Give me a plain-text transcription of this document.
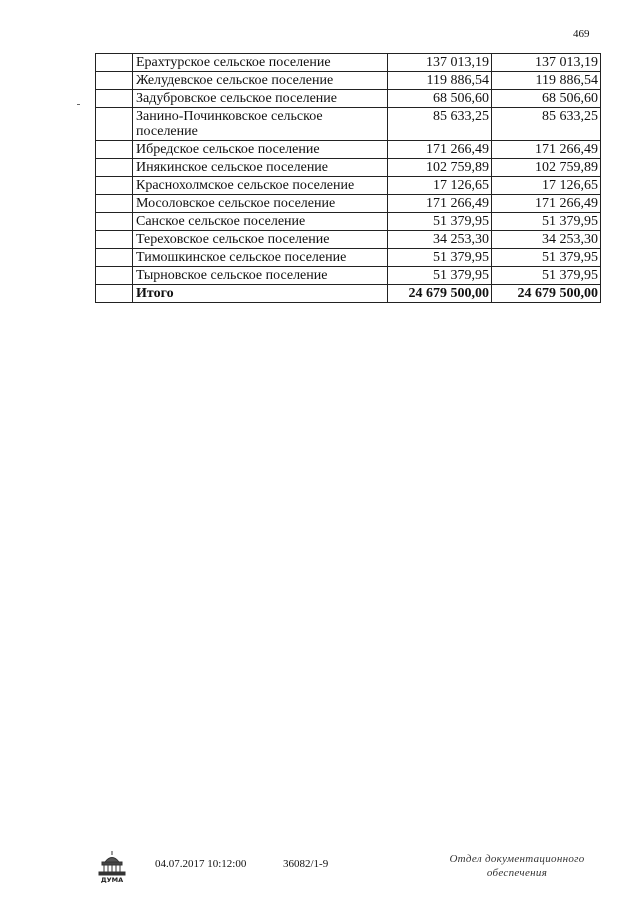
469
	Ерахтурское сельское поселение	137 013,19	137 013,19
	Желудевское сельское поселение	119 886,54	119 886,54
	Задубровское сельское поселение	68 506,60	68 506,60
	Занино-Починковское сельское поселение	85 633,25	85 633,25
	Ибредское сельское поселение	171 266,49	171 266,49
	Инякинское сельское поселение	102 759,89	102 759,89
	Краснохолмское сельское поселение	17 126,65	17 126,65
	Мосоловское сельское поселение	171 266,49	171 266,49
	Санское сельское поселение	51 379,95	51 379,95
	Тереховское сельское поселение	34 253,30	34 253,30
	Тимошкинское сельское поселение	51 379,95	51 379,95
	Тырновское сельское поселение	51 379,95	51 379,95
	Итого	24 679 500,00	24 679 500,00
ДУМА
04.07.2017 10:12:00	36082/1-9	Отдел документационного
обеспечения
